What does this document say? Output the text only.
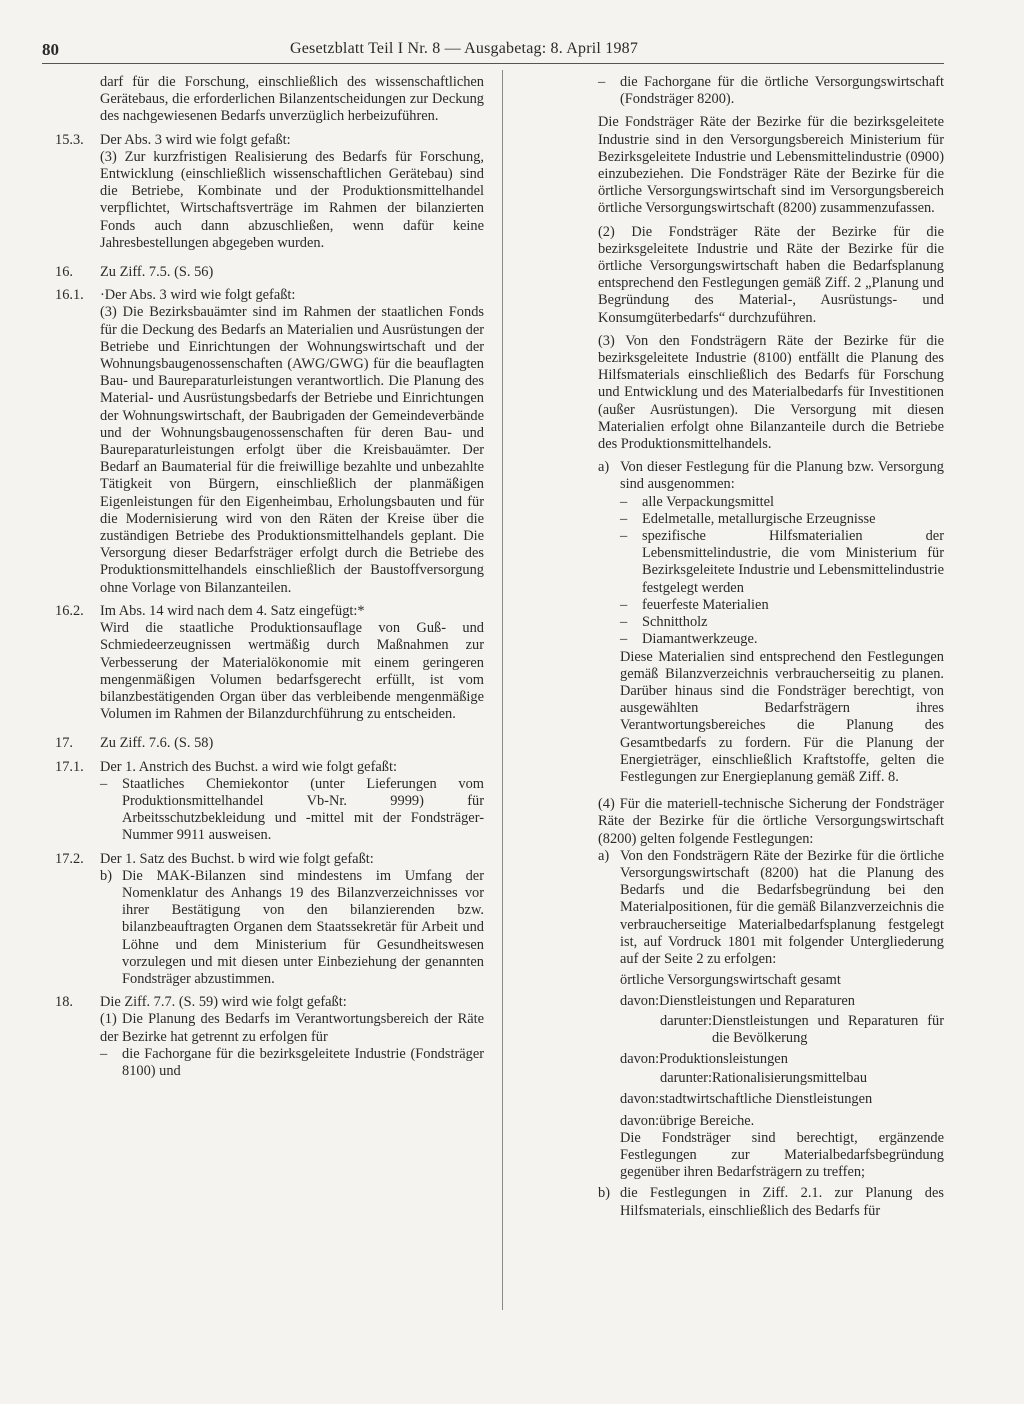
80	Gesetzblatt Teil I Nr. 8 — Ausgabetag: 8. April 1987

darf für die Forschung, einschließlich des wissenschaftlichen Gerätebaus, die erforderlichen Bilanzentscheidungen zur Deckung des nachgewiesenen Bedarfs unverzüglich herbeizuführen.

15.3.	Der Abs. 3 wird wie folgt gefaßt:

(3) Zur kurzfristigen Realisierung des Bedarfs für Forschung, Entwicklung (einschließlich wissenschaftlichen Gerätebau) sind die Betriebe, Kombinate und der Produktionsmittelhandel verpflichtet, Wirtschaftsverträge im Rahmen der bilanzierten Fonds auch dann abzuschließen, wenn dafür keine Jahresbestellungen abgegeben wurden.

16.	Zu Ziff. 7.5. (S. 56)

16.1.	·Der Abs. 3 wird wie folgt gefaßt:

(3) Die Bezirksbauämter sind im Rahmen der staatlichen Fonds für die Deckung des Bedarfs an Materialien und Ausrüstungen der Betriebe und Einrichtungen der Wohnungswirtschaft und der Wohnungsbaugenossenschaften (AWG/GWG) für die beauflagten Bau- und Baureparaturleistungen verantwortlich. Die Planung des Material- und Ausrüstungsbedarfs der Betriebe und Einrichtungen der Wohnungswirtschaft, der Baubrigaden der Gemeindeverbände und der Wohnungsbaugenossenschaften für deren Bau- und Baureparaturleistungen erfolgt über die Kreisbauämter. Der Bedarf an Baumaterial für die freiwillige bezahlte und unbezahlte Tätigkeit von Bürgern, einschließlich der planmäßigen Eigenleistungen für den Eigenheimbau, Erholungsbauten und für die Modernisierung wird von den Räten der Kreise über die zuständigen Betriebe des Produktionsmittelhandels geplant. Die Versorgung dieser Bedarfsträger erfolgt durch die Betriebe des Produktionsmittelhandels einschließlich der Baustoffversorgung ohne Vorlage von Bilanzanteilen.

16.2.	Im Abs. 14 wird nach dem 4. Satz eingefügt:*

Wird die staatliche Produktionsauflage von Guß- und Schmiedeerzeugnissen wertmäßig durch Maßnahmen zur Verbesserung der Materialökonomie mit einem geringeren mengenmäßigen Volumen bedarfsgerecht erfüllt, ist vom bilanzbestätigenden Organ über das verbleibende mengenmäßige Volumen im Rahmen der Bilanzdurchführung zu entscheiden.

17.	Zu Ziff. 7.6. (S. 58)

17.1.	Der 1. Anstrich des Buchst. a wird wie folgt gefaßt:

–	Staatliches Chemiekontor (unter Lieferungen vom Produktionsmittelhandel Vb-Nr. 9999) für Arbeitsschutzbekleidung und -mittel mit der Fondsträger-Nummer 9911 ausweisen.
17.2.	Der 1. Satz des Buchst. b wird wie folgt gefaßt:

b) Die MAK-Bilanzen sind mindestens im Umfang der Nomenklatur des Anhangs 19 des Bilanzverzeichnisses vor ihrer Bestätigung von den bilanzierenden bzw. bilanzbeauftragten Organen dem Staatssekretär für Arbeit und Löhne und dem Ministerium für Gesundheitswesen vorzulegen und mit diesen unter Einbeziehung der genannten Fondsträger abzustimmen.
18.	Die Ziff. 7.7. (S. 59) wird wie folgt gefaßt:

(1) Die Planung des Bedarfs im Verantwortungsbereich der Räte der Bezirke hat getrennt zu erfolgen für

–	die Fachorgane für die bezirksgeleitete Industrie (Fondsträger 8100) und
–	die Fachorgane für die örtliche Versorgungswirtschaft (Fondsträger 8200).

Die Fondsträger Räte der Bezirke für die bezirksgeleitete Industrie sind in den Versorgungsbereich Ministerium für Bezirksgeleitete Industrie und Lebensmittelindustrie (0900) einzubeziehen. Die Fondsträger Räte der Bezirke für die örtliche Versorgungswirtschaft sind im Versorgungsbereich örtliche Versorgungswirtschaft (8200) zusammenzufassen.

(2) Die Fondsträger Räte der Bezirke für die bezirksgeleitete Industrie und Räte der Bezirke für die örtliche Versorgungswirtschaft haben die Bedarfsplanung entsprechend den Festlegungen gemäß Ziff. 2 „Planung und Begründung des Material-, Ausrüstungs- und Konsumgüterbedarfs“ durchzuführen.

(3) Von den Fondsträgern Räte der Bezirke für die bezirksgeleitete Industrie (8100) entfällt die Planung des Hilfsmaterials einschließlich des Bedarfs für Forschung und Entwicklung und des Materialbedarfs für Investitionen (außer Ausrüstungen). Die Versorgung mit diesen Materialien erfolgt ohne Bilanzanteile durch die Betriebe des Produktionsmittelhandels.

a) Von dieser Festlegung für die Planung bzw. Versorgung sind ausgenommen:

–	alle Verpackungsmittel
–	Edelmetalle, metallurgische Erzeugnisse
–	spezifische Hilfsmaterialien der Lebensmittelindustrie, die vom Ministerium für Bezirksgeleitete Industrie und Lebensmittelindustrie festgelegt werden
–	feuerfeste Materialien
–	Schnittholz
–	Diamantwerkzeuge.

Diese Materialien sind entsprechend den Festlegungen gemäß Bilanzverzeichnis verbraucherseitig zu planen. Darüber hinaus sind die Fondsträger berechtigt, von ausgewählten Bedarfsträgern ihres Verantwortungsbereiches die Planung des Gesamtbedarfs zu fordern. Für die Planung der Energieträger, einschließlich Kraftstoffe, gelten die Festlegungen zur Energieplanung gemäß Ziff. 8.

(4) Für die materiell-technische Sicherung der Fondsträger Räte der Bezirke für die örtliche Versorgungswirtschaft (8200) gelten folgende Festlegungen:

a) Von den Fondsträgern Räte der Bezirke für die örtliche Versorgungswirtschaft (8200) hat die Planung des Bedarfs und die Bedarfsbegründung bei den Materialpositionen, für die gemäß Bilanzverzeichnis die verbraucherseitige Materialbedarfsplanung festgelegt ist, auf Vordruck 1801 mit folgender Untergliederung auf der Seite 2 zu erfolgen:

örtliche Versorgungswirtschaft gesamt

davon: Dienstleistungen und Reparaturen
darunter: Dienstleistungen und Reparaturen für die Bevölkerung
davon: Produktionsleistungen
darunter: Rationalisierungsmittelbau
davon: stadtwirtschaftliche Dienstleistungen
davon: übrige Bereiche.

Die Fondsträger sind berechtigt, ergänzende Festlegungen zur Materialbedarfsbegründung gegenüber ihren Bedarfsträgern zu treffen;

b) die Festlegungen in Ziff. 2.1. zur Planung des Hilfsmaterials, einschließlich des Bedarfs für
